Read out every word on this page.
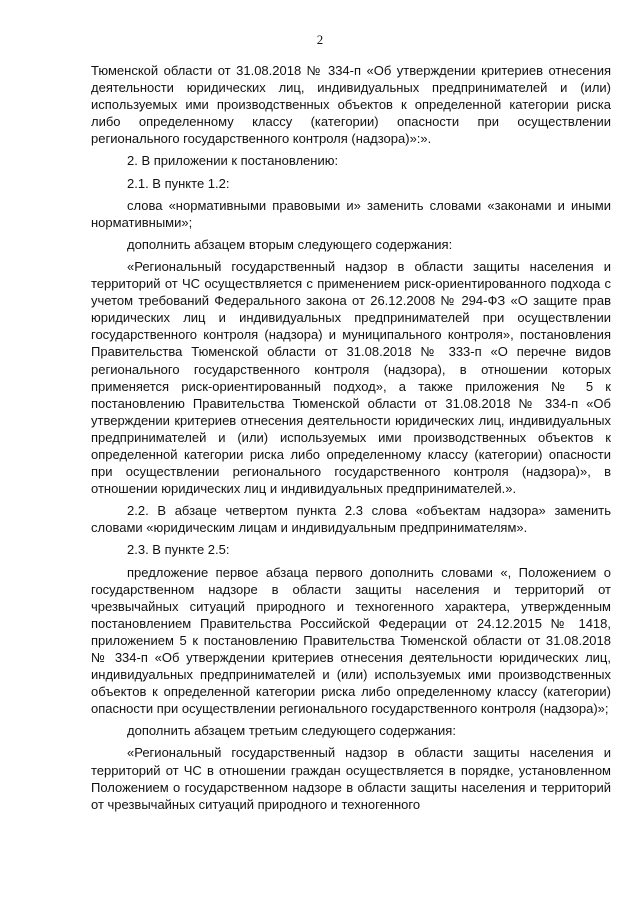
2

Тюменской области от 31.08.2018 № 334-п «Об утверждении критериев отнесения деятельности юридических лиц, индивидуальных предпринимателей и (или) используемых ими производственных объектов к определенной категории риска либо определенному классу (категории) опасности при осуществлении регионального государственного контроля (надзора)»:».

2. В приложении к постановлению:

2.1. В пункте 1.2:

слова «нормативными правовыми и» заменить словами «законами и иными нормативными»;

дополнить абзацем вторым следующего содержания:

«Региональный государственный надзор в области защиты населения и территорий от ЧС осуществляется с применением риск-ориентированного подхода с учетом требований Федерального закона от 26.12.2008 № 294-ФЗ «О защите прав юридических лиц и индивидуальных предпринимателей при осуществлении государственного контроля (надзора) и муниципального контроля», постановления Правительства Тюменской области от 31.08.2018 № 333-п «О перечне видов регионального государственного контроля (надзора), в отношении которых применяется риск-ориентированный подход», а также приложения № 5 к постановлению Правительства Тюменской области от 31.08.2018 № 334-п «Об утверждении критериев отнесения деятельности юридических лиц, индивидуальных предпринимателей и (или) используемых ими производственных объектов к определенной категории риска либо определенному классу (категории) опасности при осуществлении регионального государственного контроля (надзора)», в отношении юридических лиц и индивидуальных предпринимателей.».

2.2. В абзаце четвертом пункта 2.3 слова «объектам надзора» заменить словами «юридическим лицам и индивидуальным предпринимателям».

2.3. В пункте 2.5:

предложение первое абзаца первого дополнить словами «, Положением о государственном надзоре в области защиты населения и территорий от чрезвычайных ситуаций природного и техногенного характера, утвержденным постановлением Правительства Российской Федерации от 24.12.2015 № 1418, приложением 5 к постановлению Правительства Тюменской области от 31.08.2018 № 334-п «Об утверждении критериев отнесения деятельности юридических лиц, индивидуальных предпринимателей и (или) используемых ими производственных объектов к определенной категории риска либо определенному классу (категории) опасности при осуществлении регионального государственного контроля (надзора)»;

дополнить абзацем третьим следующего содержания:

«Региональный государственный надзор в области защиты населения и территорий от ЧС в отношении граждан осуществляется в порядке, установленном Положением о государственном надзоре в области защиты населения и территорий от чрезвычайных ситуаций природного и техногенного
